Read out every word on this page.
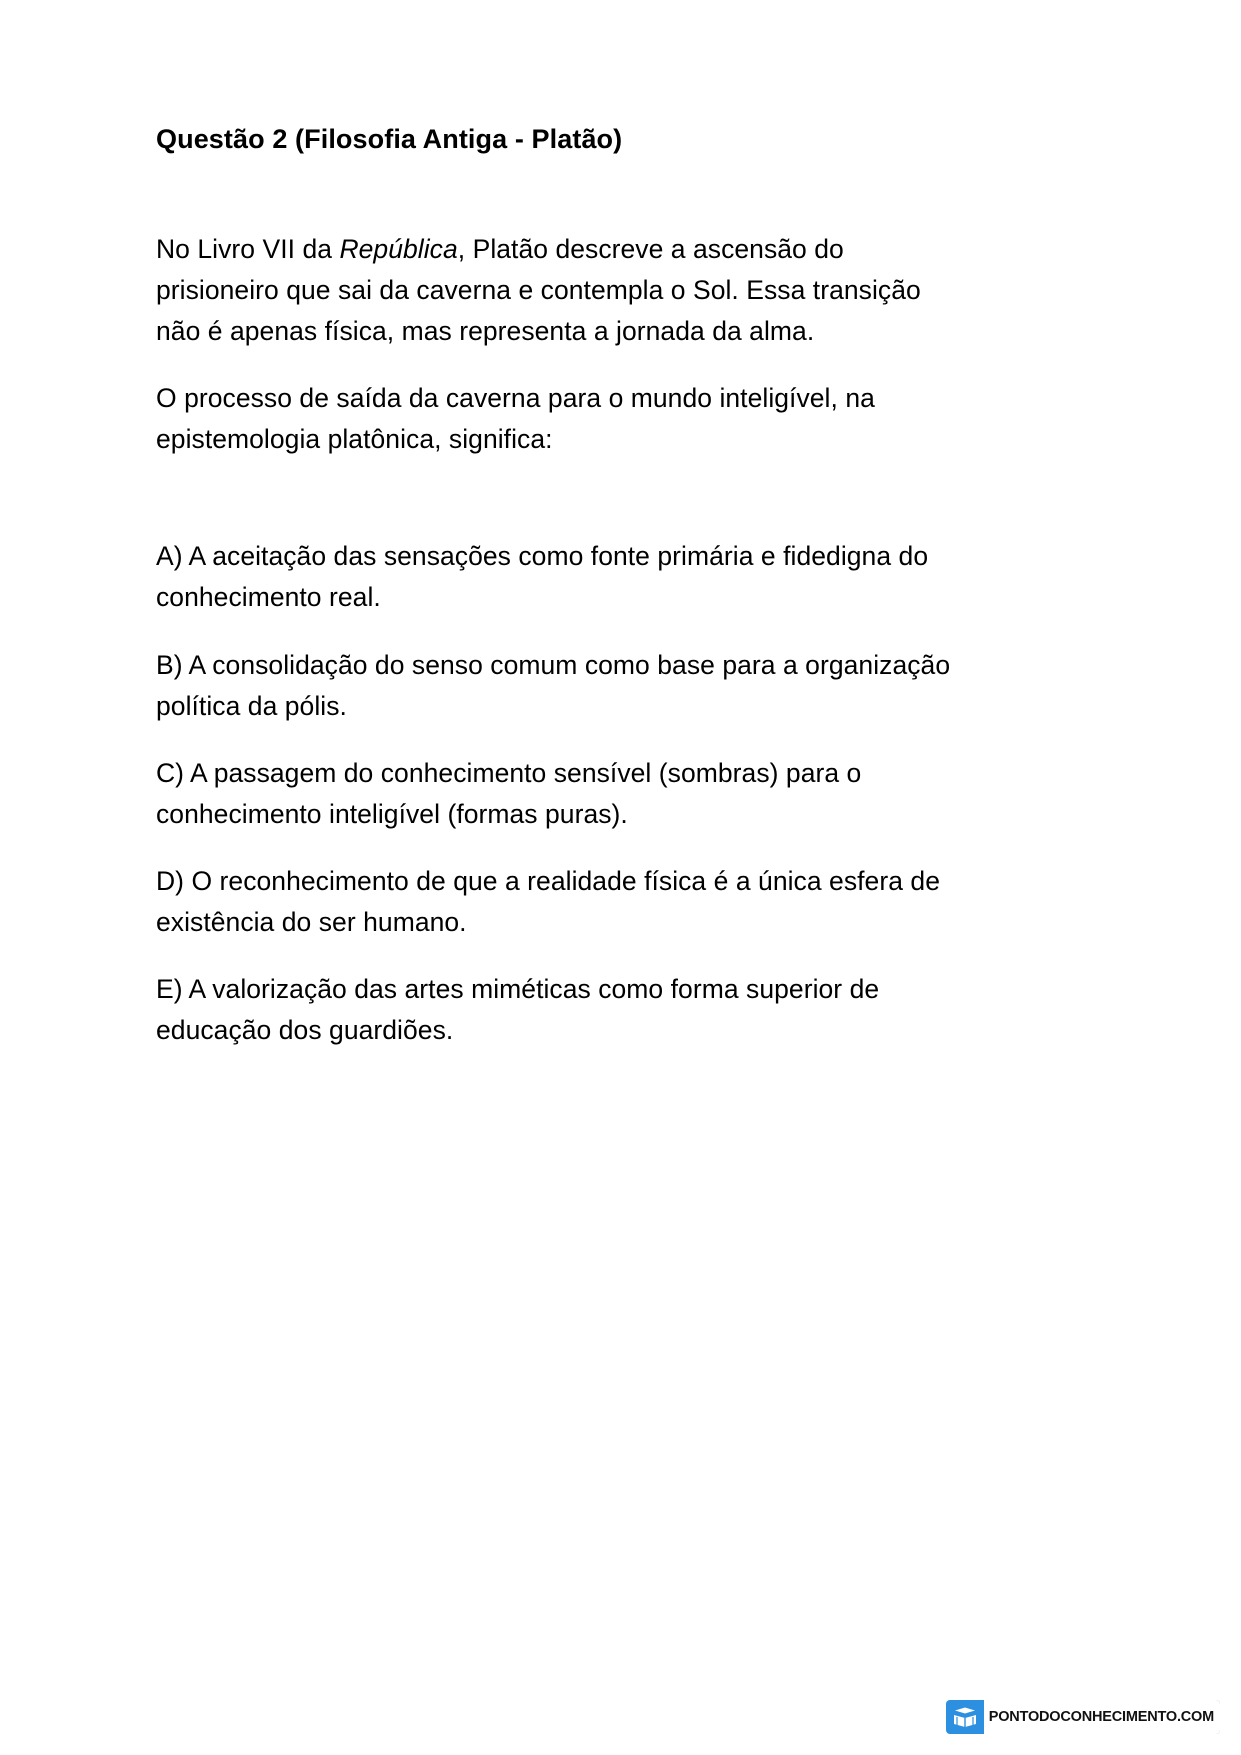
Questão 2 (Filosofia Antiga - Platão)

No Livro VII da República, Platão descreve a ascensão do prisioneiro que sai da caverna e contempla o Sol. Essa transição não é apenas física, mas representa a jornada da alma.

O processo de saída da caverna para o mundo inteligível, na epistemologia platônica, significa:

A) A aceitação das sensações como fonte primária e fidedigna do conhecimento real.

B) A consolidação do senso comum como base para a organização política da pólis.

C) A passagem do conhecimento sensível (sombras) para o conhecimento inteligível (formas puras).

D) O reconhecimento de que a realidade física é a única esfera de existência do ser humano.

E) A valorização das artes miméticas como forma superior de educação dos guardiões.

PONTODOCONHECIMENTO.COM
